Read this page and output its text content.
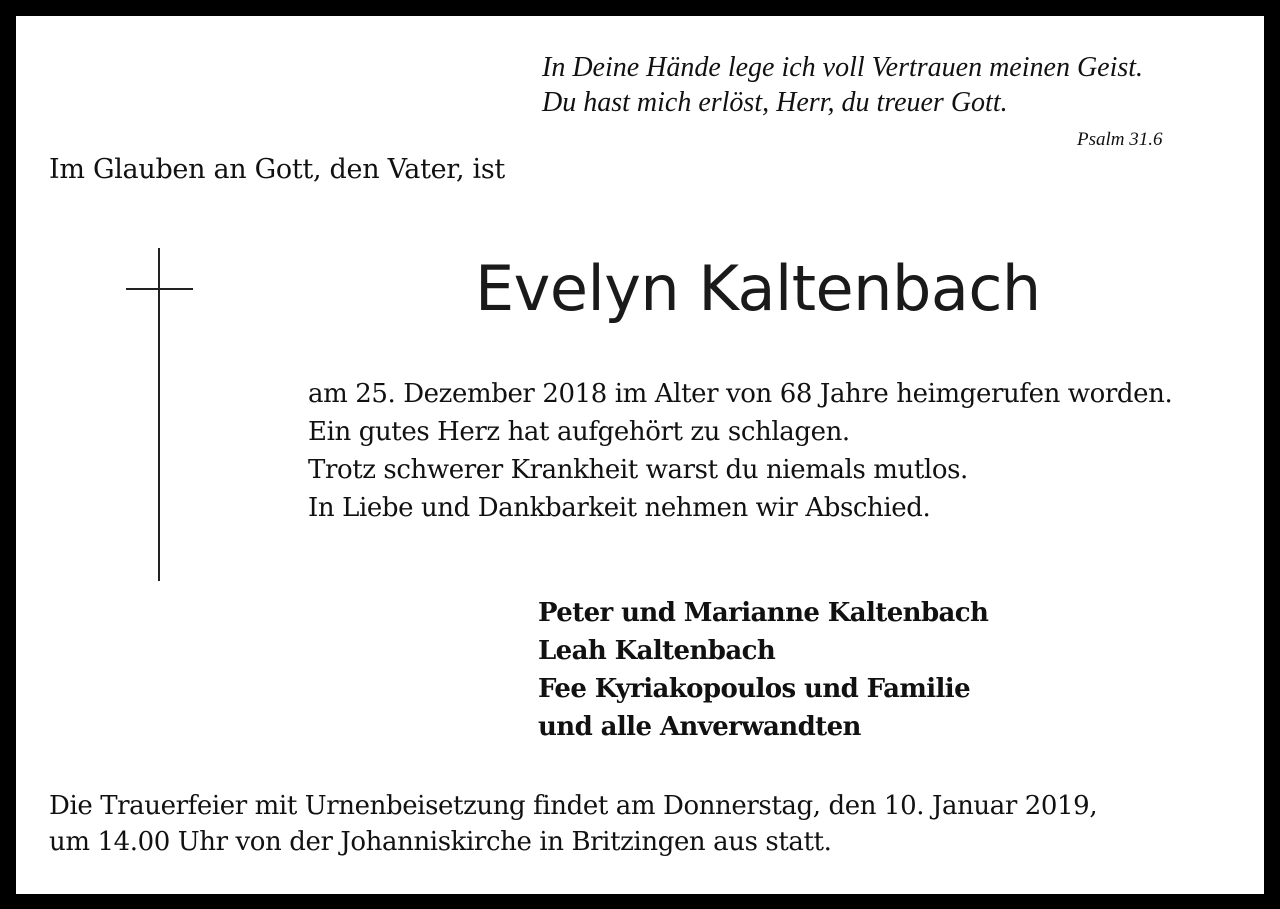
In Deine Hände lege ich voll Vertrauen meinen Geist.
Du hast mich erlöst, Herr, du treuer Gott.
Psalm 31.6
Im Glauben an Gott, den Vater, ist
Evelyn Kaltenbach
am 25. Dezember 2018 im Alter von 68 Jahre heimgerufen worden.
Ein gutes Herz hat aufgehört zu schlagen.
Trotz schwerer Krankheit warst du niemals mutlos.
In Liebe und Dankbarkeit nehmen wir Abschied.
Peter und Marianne Kaltenbach
Leah Kaltenbach
Fee Kyriakopoulos und Familie
und alle Anverwandten
Die Trauerfeier mit Urnenbeisetzung findet am Donnerstag, den 10. Januar 2019,
um 14.00 Uhr von der Johanniskirche in Britzingen aus statt.
